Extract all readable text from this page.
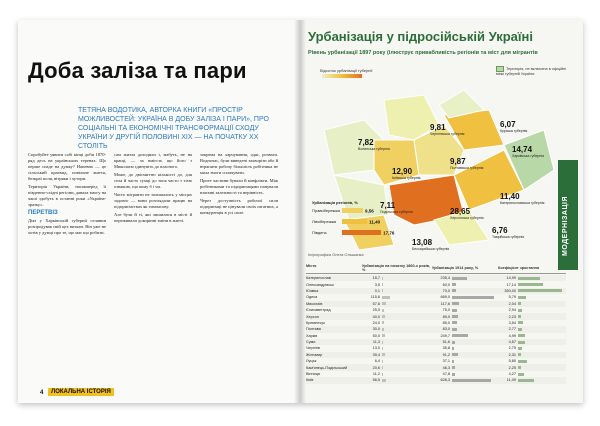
Доба заліза та пари
ТЕТЯНА ВОДОТИКА, АВТОРКА КНИГИ «ПРОСТІР МОЖЛИВОСТЕЙ: УКРАЇНА В ДОБУ ЗАЛІЗА І ПАРИ», ПРО СОЦІАЛЬНІ ТА ЕКОНОМІЧНІ ТРАНСФОРМАЦІЇ СХОДУ УКРАЇНИ У ДРУГІЙ ПОЛОВИНІ XIX — НА ПОЧАТКУ XX СТОЛІТЬ

Спробуйте уявити собі кінці доби 1870-ряд десь на українських теренах. Що перше спаде на думку? Напевно — це сільський краєвид, повільне життя, безкраї поля, вітряки і хутори.

Територія України, насамперед її південно-східні регіони, давала змогу на чаші здобуть в останні роки «Україна-зразку».

ПЕРЕТВІЗ

Діяз у Харківській губернії селянин розпродував свій цех виткан. Він уже не хотів у думці про те, що має що робити.

сам житла доходили і, мабуть, не на кращі, — за вмієсть що його з Миколаєм єдинувіть до власного.

Може, до двісмиттю кількості до, для села й часто сумці до тися часто з тією ознакою, що кому б і чи.

Часто мігранти не залишались у місцях задовго — вони розглядали працю на підприємствах як тимчасову.

Але були й ті, які лишилися в місті й переживали докорінні зміни в житті.

зокрема на харчування, одяг, розваги. Водночас, були виведені захворіти або й втрапити робочу більшість робітника не мала змоги сплачувати.

Проте частини бували й конфлікти. Між робітниками та підприємцями панували взаємні залежності та нерівність.

Через доступність робочої сили підприємці не цінували своїх штатних, а конкуренція в усі поле.

4	ЛОКАЛЬНА ІСТОРІЯ
Урбанізація у підросійській Україні
Рівень урбанізації 1897 року (ілюструє привабливість регіонів та міст для мігрантів
7,82
Волинська губернія
9,81
Чернігівська губернія
9,87
Полтавська губернія
14,74
Харківська губернія
12,90
Київська губернія
7,11
Подільська губернія	28,65
Херсонська губернія
11,40
Катеринославська губернія
6,76
Таврійська губернія
13,08
Бессарабська губернія
6,07
Курська губернія
Відсоток урбанізації губернії	Територія, не включена в офіційні межі губерній України
Урбанізація регіонів, %
Правобережжя	9,56
Лівобережжя	11,40
Південь	17,76	МОДЕРНІЗАЦІЯ
Інфографіка Олега Ольшанка
Місто	Урбанізація на початку 1860-х років, %	Урбанізація 1914 року, %	Коефіцієнт зростання
Катеринослав	15,7	235,4	14,99
Олександрівськ	3,5	60,0	17,14
Юзівка	0,1	70,0	350,00
Одеса	115,6	669,0	5,79
Миколаїв	57,6	117,6	2,04
Єлисаветград	25,5	75,0	2,94
Херсон	40,0	89,0	2,23
Кременчук	24,0	85,0	3,54
Полтава	30,0	83,0	2,77
Харків	50,0	249,7	4,99
Суми	11,3	51,6	4,57
Чернігів	13,0	35,8	2,75
Житомир	39,4	91,2	2,31
Луцьк	6,4	37,1	5,80
Кам'янець-Подільський	20,6	46,3	2,25
Вінниця	11,2	47,8	4,27
Київ	56,5	626,3	11,09
